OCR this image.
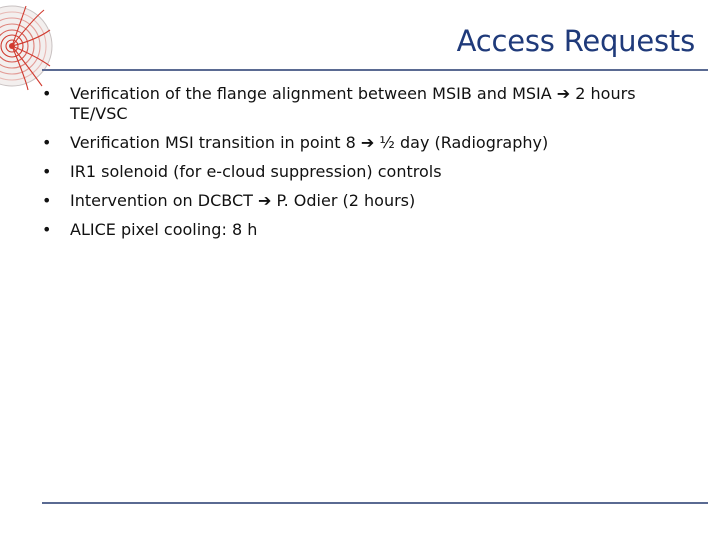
Access Requests
• Verification of the flange alignment between MSIB and MSIA ➔ 2 hours TE/VSC
• Verification MSI transition in point 8 ➔ ½ day (Radiography)
• IR1 solenoid (for e-cloud suppression) controls
• Intervention on DCBCT ➔ P. Odier (2 hours)
• ALICE pixel cooling: 8 h
